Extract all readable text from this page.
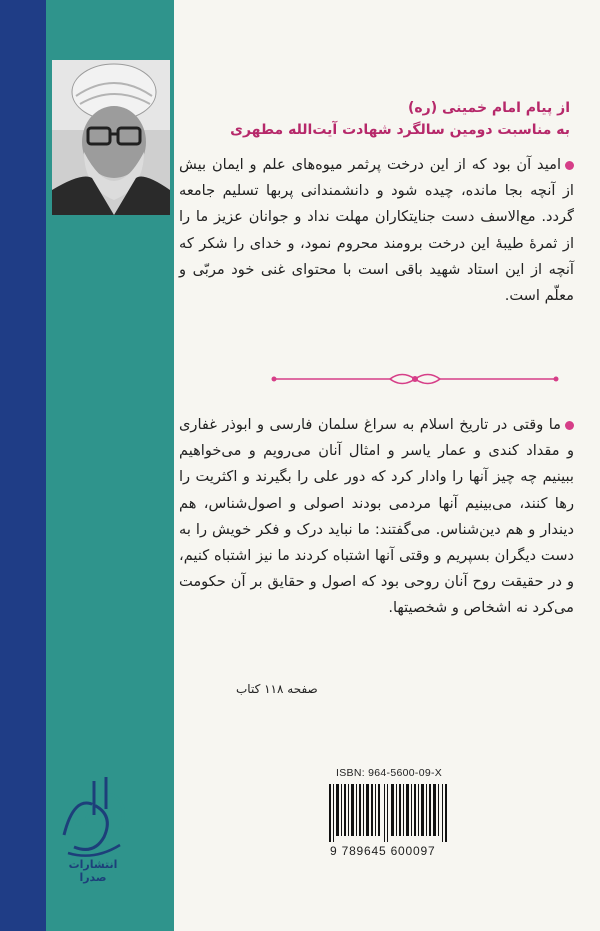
از پیام امام خمینی (ره)
به مناسبت دومین سالگرد شهادت آیت‌الله مطهری
امید آن بود که از این درخت پرثمر میوه‌های علم و ایمان بیش از آنچه بجا مانده، چیده شود و دانشمندانی پربها تسلیم جامعه گردد. مع‌الاسف دست جنایتکاران مهلت نداد و جوانان عزیز ما را از ثمرهٔ طیبهٔ این درخت برومند محروم نمود، و خدای را شکر که آنچه از این استاد شهید باقی است با محتوای غنی خود مربّی و معلّم است.
ما وقتی در تاریخ اسلام به سراغ سلمان فارسی و ابوذر غفاری و مقداد کندی و عمار یاسر و امثال آنان می‌رویم و می‌خواهیم ببینیم چه چیز آنها را وادار کرد که دور علی را بگیرند و اکثریت را رها کنند، می‌بینیم آنها مردمی بودند اصولی و اصول‌شناس، هم دیندار و هم دین‌شناس. می‌گفتند: ما نباید درک و فکر خویش را به دست دیگران بسپریم و وقتی آنها اشتباه کردند ما نیز اشتباه کنیم، و در حقیقت روح آنان روحی بود که اصول و حقایق بر آن حکومت می‌کرد نه اشخاص و شخصیتها.
صفحه ۱۱۸ کتاب
انتشارات صدرا
ISBN: 964-5600-09-X
9 789645 600097
